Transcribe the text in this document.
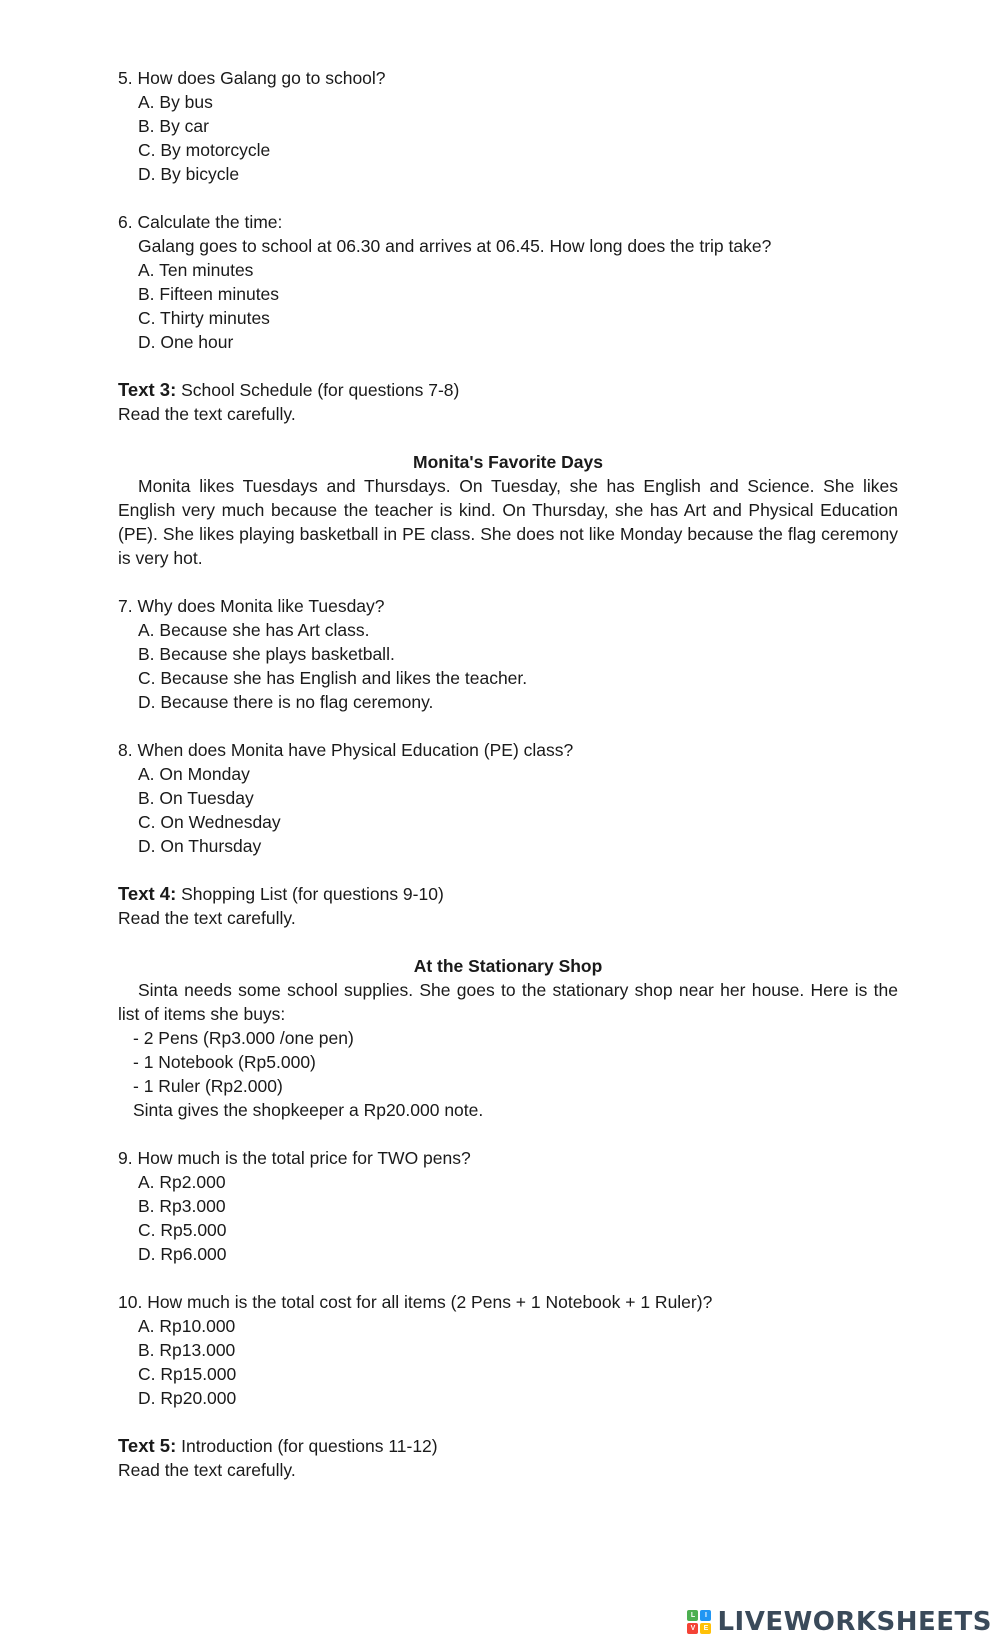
5. How does Galang go to school?
A. By bus
B. By car
C. By motorcycle
D. By bicycle
6. Calculate the time:
Galang goes to school at 06.30 and arrives at 06.45. How long does the trip take?
A. Ten minutes
B. Fifteen minutes
C. Thirty minutes
D. One hour
Text 3: School Schedule (for questions 7-8)
Read the text carefully.
Monita's Favorite Days
Monita likes Tuesdays and Thursdays. On Tuesday, she has English and Science. She likes English very much because the teacher is kind. On Thursday, she has Art and Physical Education (PE). She likes playing basketball in PE class. She does not like Monday because the flag ceremony is very hot.
7. Why does Monita like Tuesday?
A. Because she has Art class.
B. Because she plays basketball.
C. Because she has English and likes the teacher.
D. Because there is no flag ceremony.
8. When does Monita have Physical Education (PE) class?
A. On Monday
B. On Tuesday
C. On Wednesday
D. On Thursday
Text 4: Shopping List (for questions 9-10)
Read the text carefully.
At the Stationary Shop
Sinta needs some school supplies. She goes to the stationary shop near her house. Here is the list of items she buys:
- 2 Pens (Rp3.000 /one pen)
- 1 Notebook (Rp5.000)
- 1 Ruler (Rp2.000)
Sinta gives the shopkeeper a Rp20.000 note.
9. How much is the total price for TWO pens?
A. Rp2.000
B. Rp3.000
C. Rp5.000
D. Rp6.000
10. How much is the total cost for all items (2 Pens + 1 Notebook + 1 Ruler)?
A. Rp10.000
B. Rp13.000
C. Rp15.000
D. Rp20.000
Text 5: Introduction (for questions 11-12)
Read the text carefully.
L	I
V	E LIVEWORKSHEETS
